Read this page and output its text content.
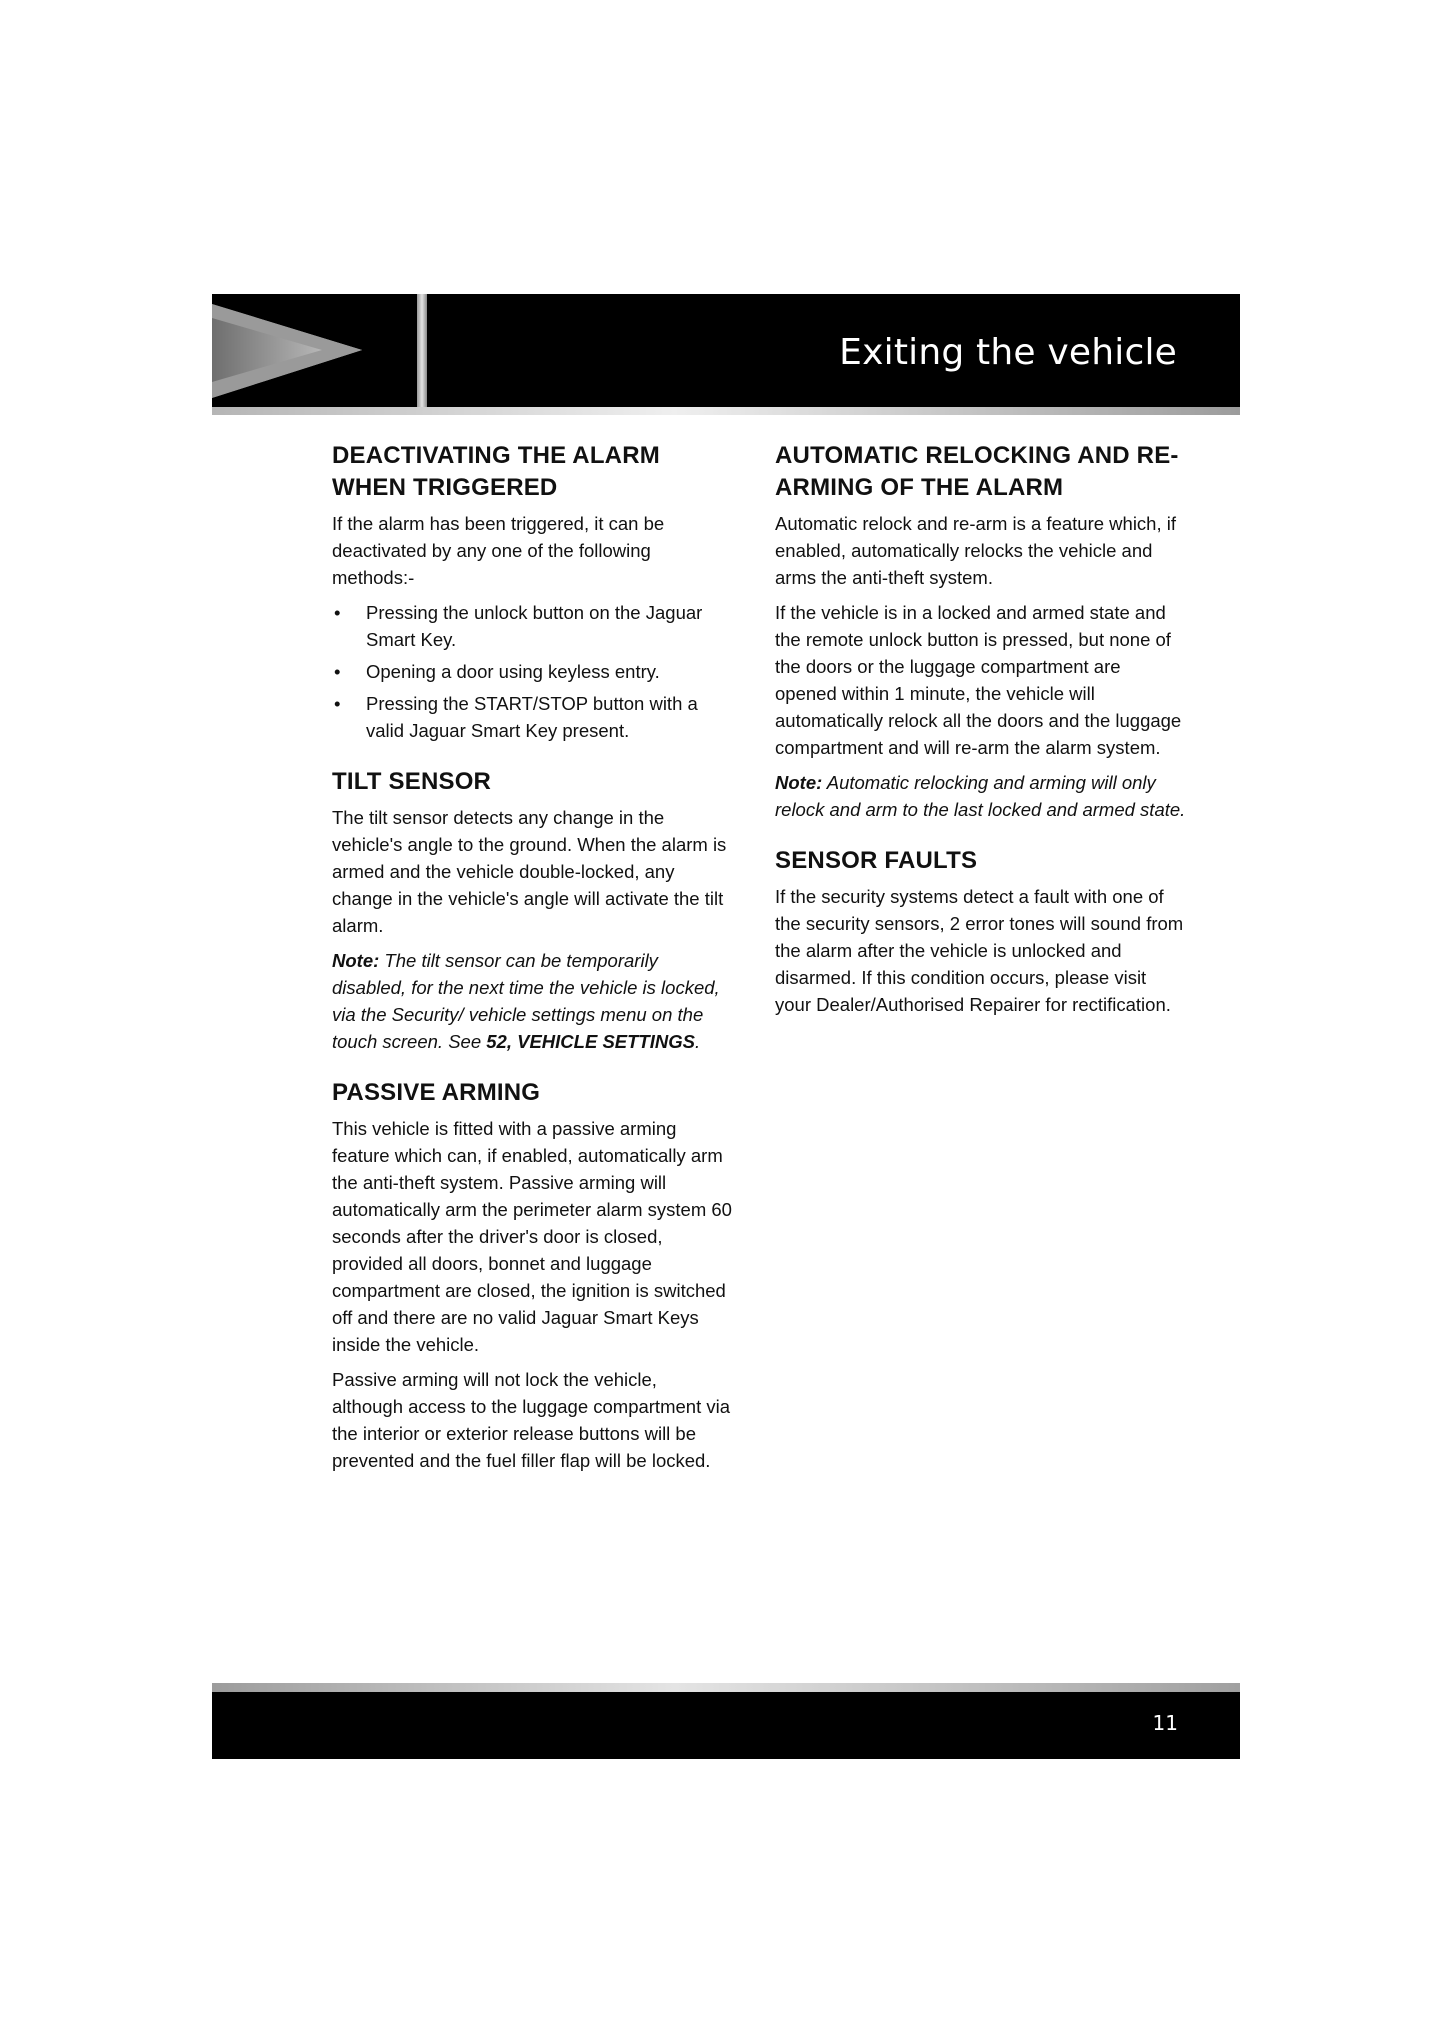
Exiting the vehicle
DEACTIVATING THE ALARM WHEN TRIGGERED

If the alarm has been triggered, it can be deactivated by any one of the following methods:-

• Pressing the unlock button on the Jaguar Smart Key.
• Opening a door using keyless entry.
• Pressing the START/STOP button with a valid Jaguar Smart Key present.
TILT SENSOR

The tilt sensor detects any change in the vehicle's angle to the ground. When the alarm is armed and the vehicle double-locked, any change in the vehicle's angle will activate the tilt alarm.

Note: The tilt sensor can be temporarily disabled, for the next time the vehicle is locked, via the Security/ vehicle settings menu on the touch screen. See 52, VEHICLE SETTINGS.

PASSIVE ARMING

This vehicle is fitted with a passive arming feature which can, if enabled, automatically arm the anti-theft system. Passive arming will automatically arm the perimeter alarm system 60 seconds after the driver's door is closed, provided all doors, bonnet and luggage compartment are closed, the ignition is switched off and there are no valid Jaguar Smart Keys inside the vehicle.

Passive arming will not lock the vehicle, although access to the luggage compartment via the interior or exterior release buttons will be prevented and the fuel filler flap will be locked.

AUTOMATIC RELOCKING AND RE-ARMING OF THE ALARM

Automatic relock and re-arm is a feature which, if enabled, automatically relocks the vehicle and arms the anti-theft system.

If the vehicle is in a locked and armed state and the remote unlock button is pressed, but none of the doors or the luggage compartment are opened within 1 minute, the vehicle will automatically relock all the doors and the luggage compartment and will re-arm the alarm system.

Note: Automatic relocking and arming will only relock and arm to the last locked and armed state.

SENSOR FAULTS

If the security systems detect a fault with one of the security sensors, 2 error tones will sound from the alarm after the vehicle is unlocked and disarmed. If this condition occurs, please visit your Dealer/Authorised Repairer for rectification.

11
